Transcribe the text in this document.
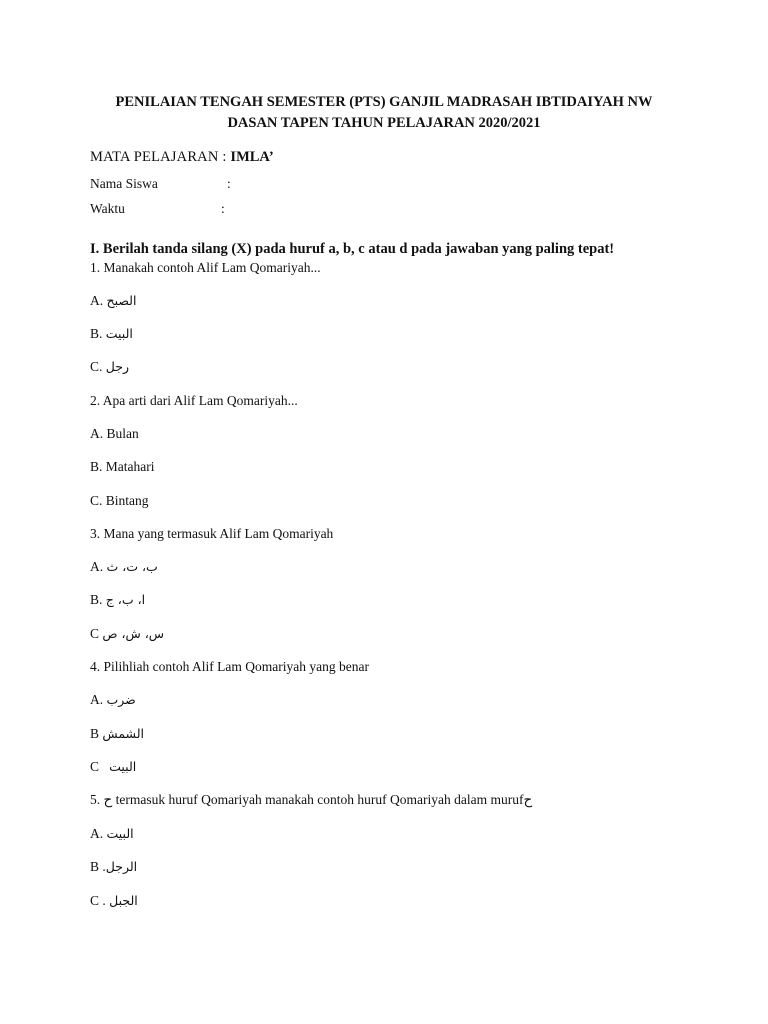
PENILAIAN TENGAH SEMESTER (PTS) GANJIL MADRASAH IBTIDAIYAH NW
DASAN TAPEN TAHUN PELAJARAN 2020/2021
MATA PELAJARAN : IMLA’
Nama Siswa	:
Waktu	:
I. Berilah tanda silang (X) pada huruf a, b, c atau d pada jawaban yang paling tepat!
1. Manakah contoh Alif Lam Qomariyah...
A. الصبح
B. البيت
C. رجل
2. Apa arti dari Alif Lam Qomariyah...
A. Bulan
B. Matahari
C. Bintang
3. Mana yang termasuk Alif Lam Qomariyah
A. ب، ت، ث
B. ا، ب، ج
C س، ش، ص
4. Pilihliah contoh Alif Lam Qomariyah yang benar
A. ضرب
B الشمش
C   البيت
5. ح termasuk huruf Qomariyah manakah contoh huruf Qomariyah dalam murufح
A. البيت
B .الرجل
C . الجبل
